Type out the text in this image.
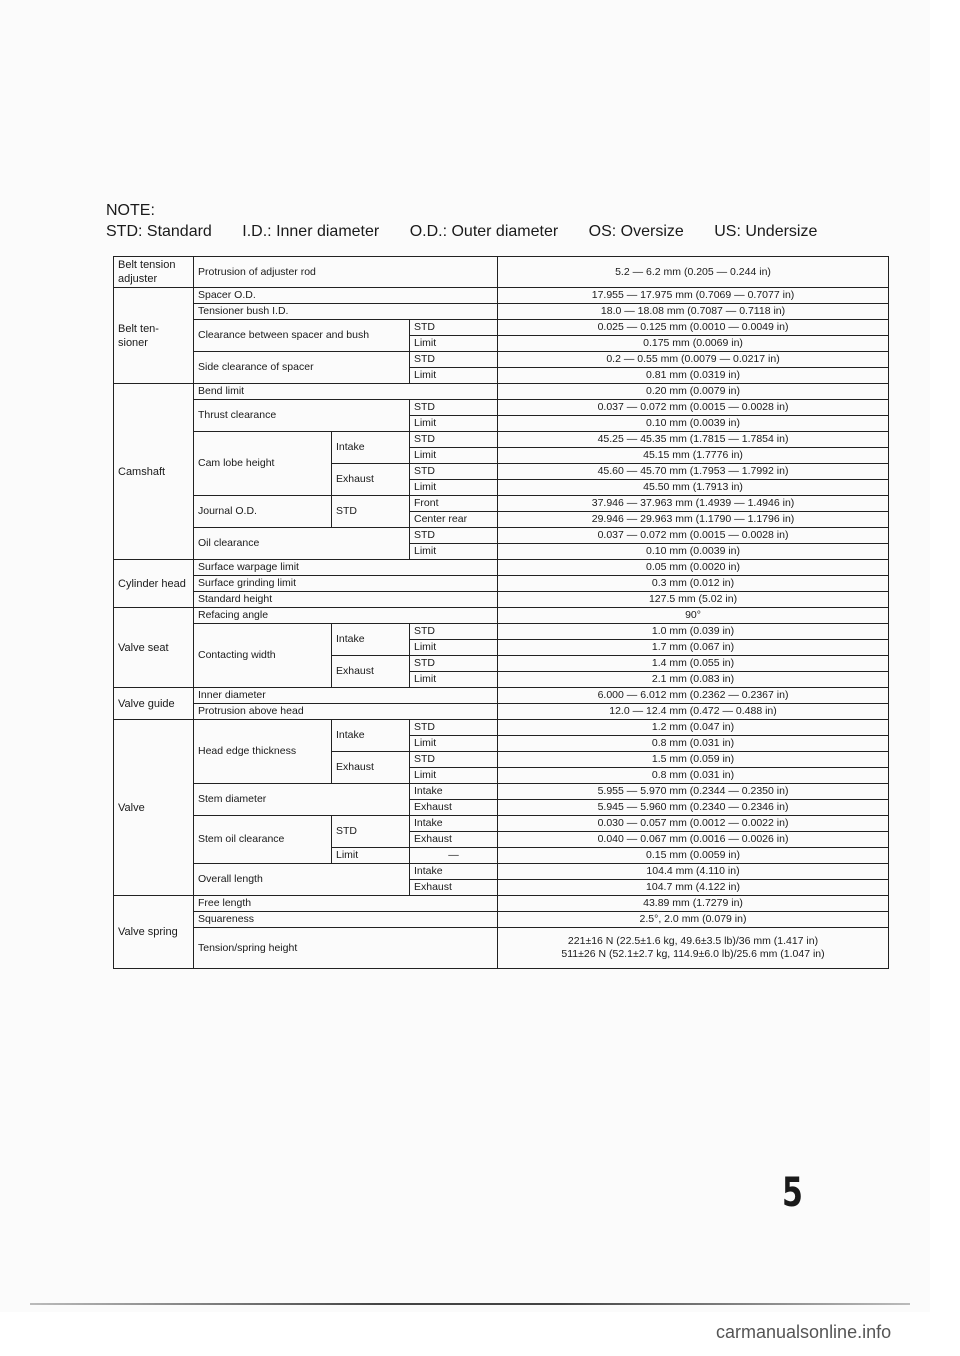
NOTE:
STD: Standard I.D.: Inner diameter O.D.: Outer diameter OS: Oversize US: Undersize
Belt tension adjuster	Protrusion of adjuster rod			5.2 — 6.2 mm (0.205 — 0.244 in)
Belt ten- sioner	Spacer O.D.			17.955 — 17.975 mm (0.7069 — 0.7077 in)
	Tensioner bush I.D.			18.0 — 18.08 mm (0.7087 — 0.7118 in)
	Clearance between spacer and bush		STD	0.025 — 0.125 mm (0.0010 — 0.0049 in)
			Limit	0.175 mm (0.0069 in)
	Side clearance of spacer		STD	0.2 — 0.55 mm (0.0079 — 0.0217 in)
			Limit	0.81 mm (0.0319 in)
Camshaft	Bend limit			0.20 mm (0.0079 in)
	Thrust clearance		STD	0.037 — 0.072 mm (0.0015 — 0.0028 in)
			Limit	0.10 mm (0.0039 in)
	Cam lobe height	Intake	STD	45.25 — 45.35 mm (1.7815 — 1.7854 in)
			Limit	45.15 mm (1.7776 in)
		Exhaust	STD	45.60 — 45.70 mm (1.7953 — 1.7992 in)
			Limit	45.50 mm (1.7913 in)
	Journal O.D.	STD	Front	37.946 — 37.963 mm (1.4939 — 1.4946 in)
			Center rear	29.946 — 29.963 mm (1.1790 — 1.1796 in)
	Oil clearance		STD	0.037 — 0.072 mm (0.0015 — 0.0028 in)
			Limit	0.10 mm (0.0039 in)
Cylinder head	Surface warpage limit			0.05 mm (0.0020 in)
	Surface grinding limit			0.3 mm (0.012 in)
	Standard height			127.5 mm (5.02 in)
Valve seat	Refacing angle			90°
	Contacting width	Intake	STD	1.0 mm (0.039 in)
			Limit	1.7 mm (0.067 in)
		Exhaust	STD	1.4 mm (0.055 in)
			Limit	2.1 mm (0.083 in)
Valve guide	Inner diameter			6.000 — 6.012 mm (0.2362 — 0.2367 in)
	Protrusion above head			12.0 — 12.4 mm (0.472 — 0.488 in)
Valve	Head edge thickness	Intake	STD	1.2 mm (0.047 in)
			Limit	0.8 mm (0.031 in)
		Exhaust	STD	1.5 mm (0.059 in)
			Limit	0.8 mm (0.031 in)
	Stem diameter		Intake	5.955 — 5.970 mm (0.2344 — 0.2350 in)
			Exhaust	5.945 — 5.960 mm (0.2340 — 0.2346 in)
	Stem oil clearance	STD	Intake	0.030 — 0.057 mm (0.0012 — 0.0022 in)
			Exhaust	0.040 — 0.067 mm (0.0016 — 0.0026 in)
		Limit	—	0.15 mm (0.0059 in)
	Overall length		Intake	104.4 mm (4.110 in)
			Exhaust	104.7 mm (4.122 in)
Valve spring	Free length			43.89 mm (1.7279 in)
	Squareness			2.5°, 2.0 mm (0.079 in)
	Tension/spring height			221±16 N (22.5±1.6 kg, 49.6±3.5 lb)/36 mm (1.417 in)
511±26 N (52.1±2.7 kg, 114.9±6.0 lb)/25.6 mm (1.047 in)
5
carmanualsonline.info
